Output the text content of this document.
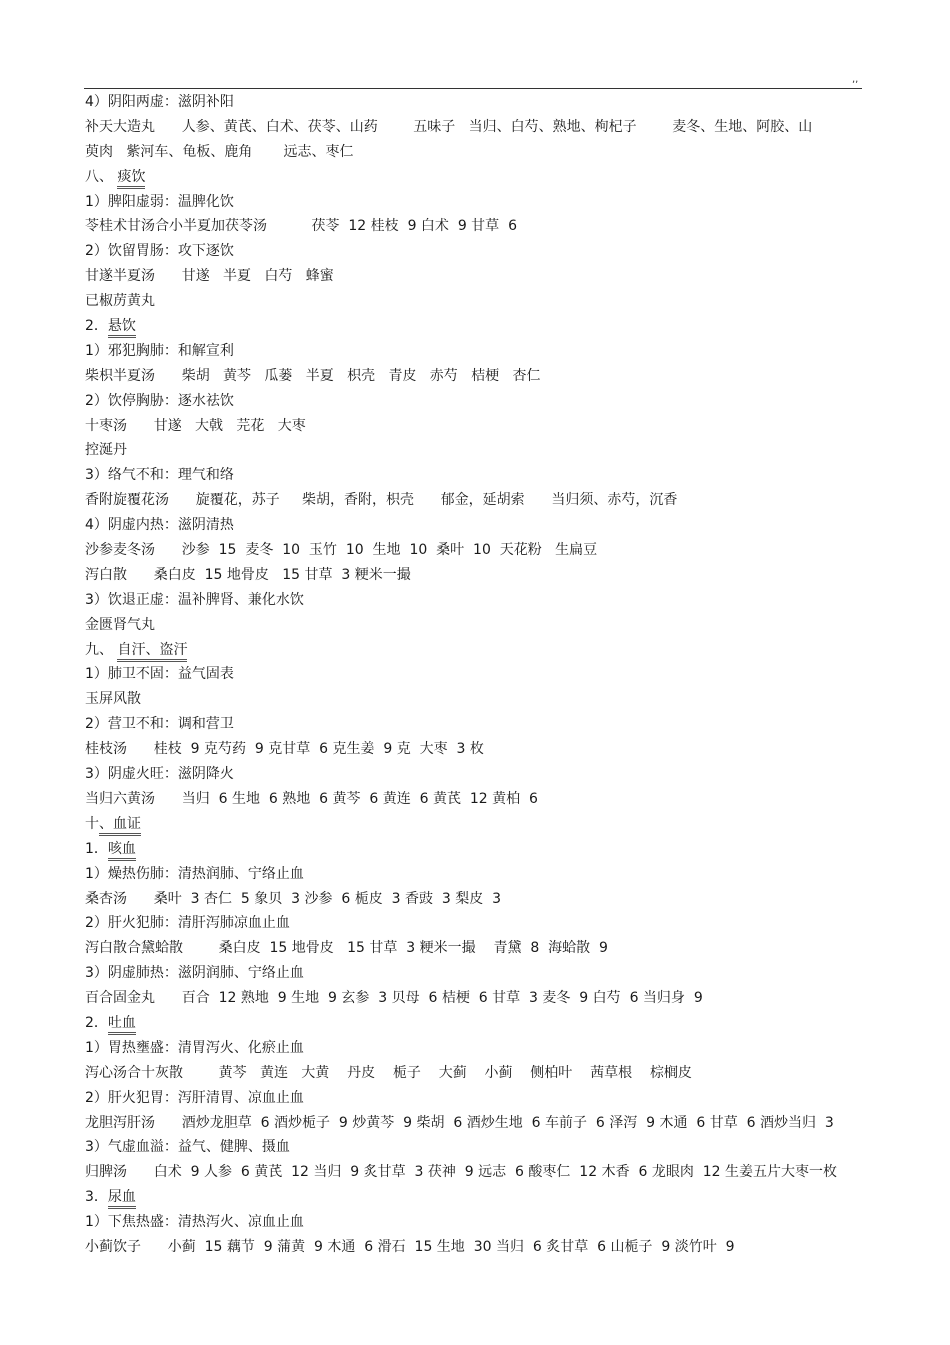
,,
4）阴阳两虚：滋阴补阳
补天大造丸      人参、黄芪、白术、茯苓、山药        五味子   当归、白芍、熟地、枸杞子        麦冬、生地、阿胶、山
萸肉   紫河车、龟板、鹿角       远志、枣仁
八、 痰饮
1）脾阳虚弱：温脾化饮
苓桂术甘汤合小半夏加茯苓汤          茯苓  12 桂枝  9 白术  9 甘草  6
2）饮留胃肠：攻下逐饮
甘遂半夏汤      甘遂   半夏   白芍   蜂蜜
已椒苈黄丸
2．悬饮
1）邪犯胸肺：和解宣利
柴枳半夏汤      柴胡   黄芩   瓜蒌   半夏   枳壳   青皮   赤芍   桔梗   杏仁
2）饮停胸胁：逐水祛饮
十枣汤      甘遂   大戟   芫花   大枣
控涎丹
3）络气不和：理气和络
香附旋覆花汤      旋覆花，苏子     柴胡，香附，枳壳      郁金，延胡索      当归须、赤芍，沉香
4）阴虚内热：滋阴清热
沙参麦冬汤      沙参  15  麦冬  10  玉竹  10  生地  10  桑叶  10  天花粉   生扁豆
泻白散      桑白皮  15 地骨皮   15 甘草  3 粳米一撮
3）饮退正虚：温补脾肾、兼化水饮
金匮肾气丸
九、 自汗、盗汗
1）肺卫不固：益气固表
玉屏风散
2）营卫不和：调和营卫
桂枝汤      桂枝  9 克芍药  9 克甘草  6 克生姜  9 克  大枣  3 枚
3）阴虚火旺：滋阴降火
当归六黄汤      当归  6 生地  6 熟地  6 黄芩  6 黄连  6 黄芪  12 黄柏  6
十、血证
1．咳血
1）燥热伤肺：清热润肺、宁络止血
桑杏汤      桑叶  3 杏仁  5 象贝  3 沙参  6 栀皮  3 香豉  3 梨皮  3
2）肝火犯肺：清肝泻肺凉血止血
泻白散合黛蛤散        桑白皮  15 地骨皮   15 甘草  3 粳米一撮    青黛  8  海蛤散  9
3）阴虚肺热：滋阴润肺、宁络止血
百合固金丸      百合  12 熟地  9 生地  9 玄参  3 贝母  6 桔梗  6 甘草  3 麦冬  9 白芍  6 当归身  9
2．吐血
1）胃热壅盛：清胃泻火、化瘀止血
泻心汤合十灰散        黄芩   黄连   大黄    丹皮    栀子    大蓟    小蓟    侧柏叶    茜草根    棕榈皮
2）肝火犯胃：泻肝清胃、凉血止血
龙胆泻肝汤      酒炒龙胆草  6 酒炒栀子  9 炒黄芩  9 柴胡  6 酒炒生地  6 车前子  6 泽泻  9 木通  6 甘草  6 酒炒当归  3
3）气虚血溢：益气、健脾、摄血
归脾汤      白术  9 人参  6 黄芪  12 当归  9 炙甘草  3 茯神  9 远志  6 酸枣仁  12 木香  6 龙眼肉  12 生姜五片大枣一枚
3．尿血
1）下焦热盛：清热泻火、凉血止血
小蓟饮子      小蓟  15 藕节  9 蒲黄  9 木通  6 滑石  15 生地  30 当归  6 炙甘草  6 山栀子  9 淡竹叶  9
